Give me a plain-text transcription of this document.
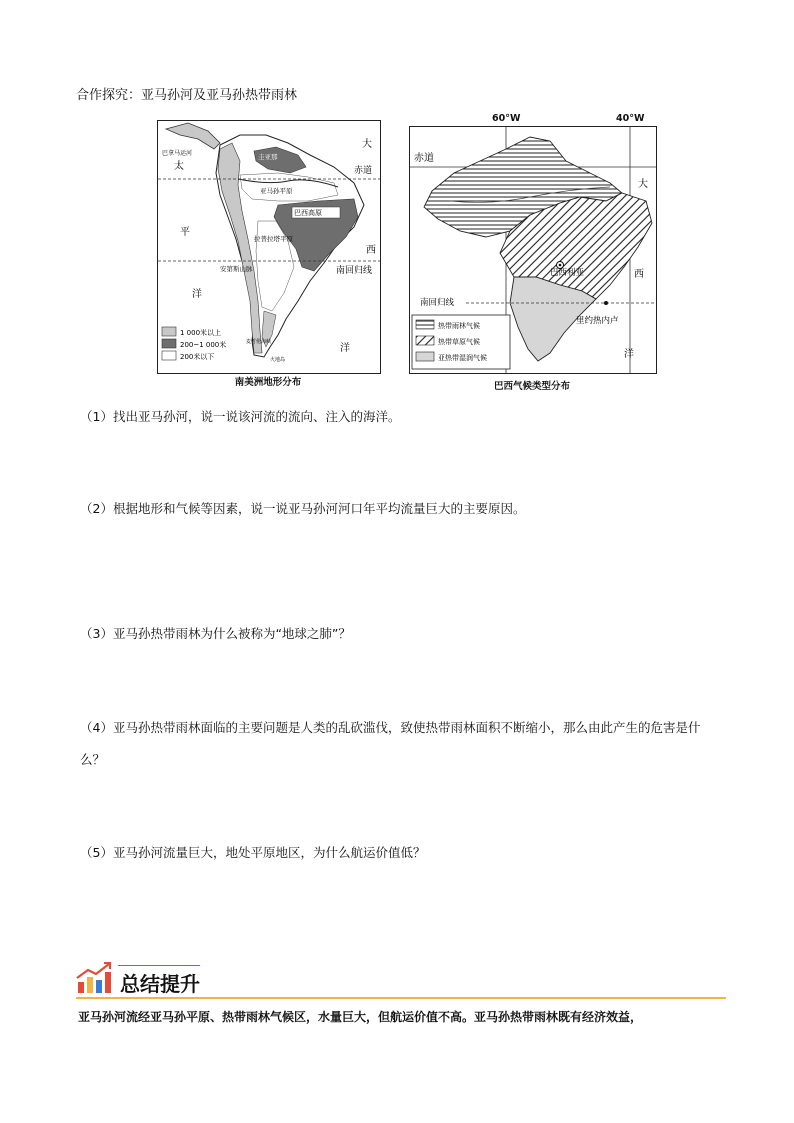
合作探究：亚马孙河及亚马孙热带雨林
太
平
洋
大
西
洋
赤道
南回归线
巴拿马运河	圭亚那
亚马孙平原
巴西高原
拉普拉塔平原
安第斯山脉
麦哲伦海峡
火地岛
1 000米以上
200~1 000米
200米以下
南美洲地形分布
赤道
大
西
洋
巴西利亚
里约热内卢
南回归线
热带雨林气候
热带草原气候
亚热带湿润气候
60°W	40°W
巴西气候类型分布
（1）找出亚马孙河，说一说该河流的流向、注入的海洋。
（2）根据地形和气候等因素，说一说亚马孙河河口年平均流量巨大的主要原因。
（3）亚马孙热带雨林为什么被称为“地球之肺”？
（4）亚马孙热带雨林面临的主要问题是人类的乱砍滥伐，致使热带雨林面积不断缩小，那么由此产生的危害是什么？
（5）亚马孙河流量巨大，地处平原地区，为什么航运价值低？
总结提升
亚马孙河流经亚马孙平原、热带雨林气候区，水量巨大，但航运价值不高。亚马孙热带雨林既有经济效益，
